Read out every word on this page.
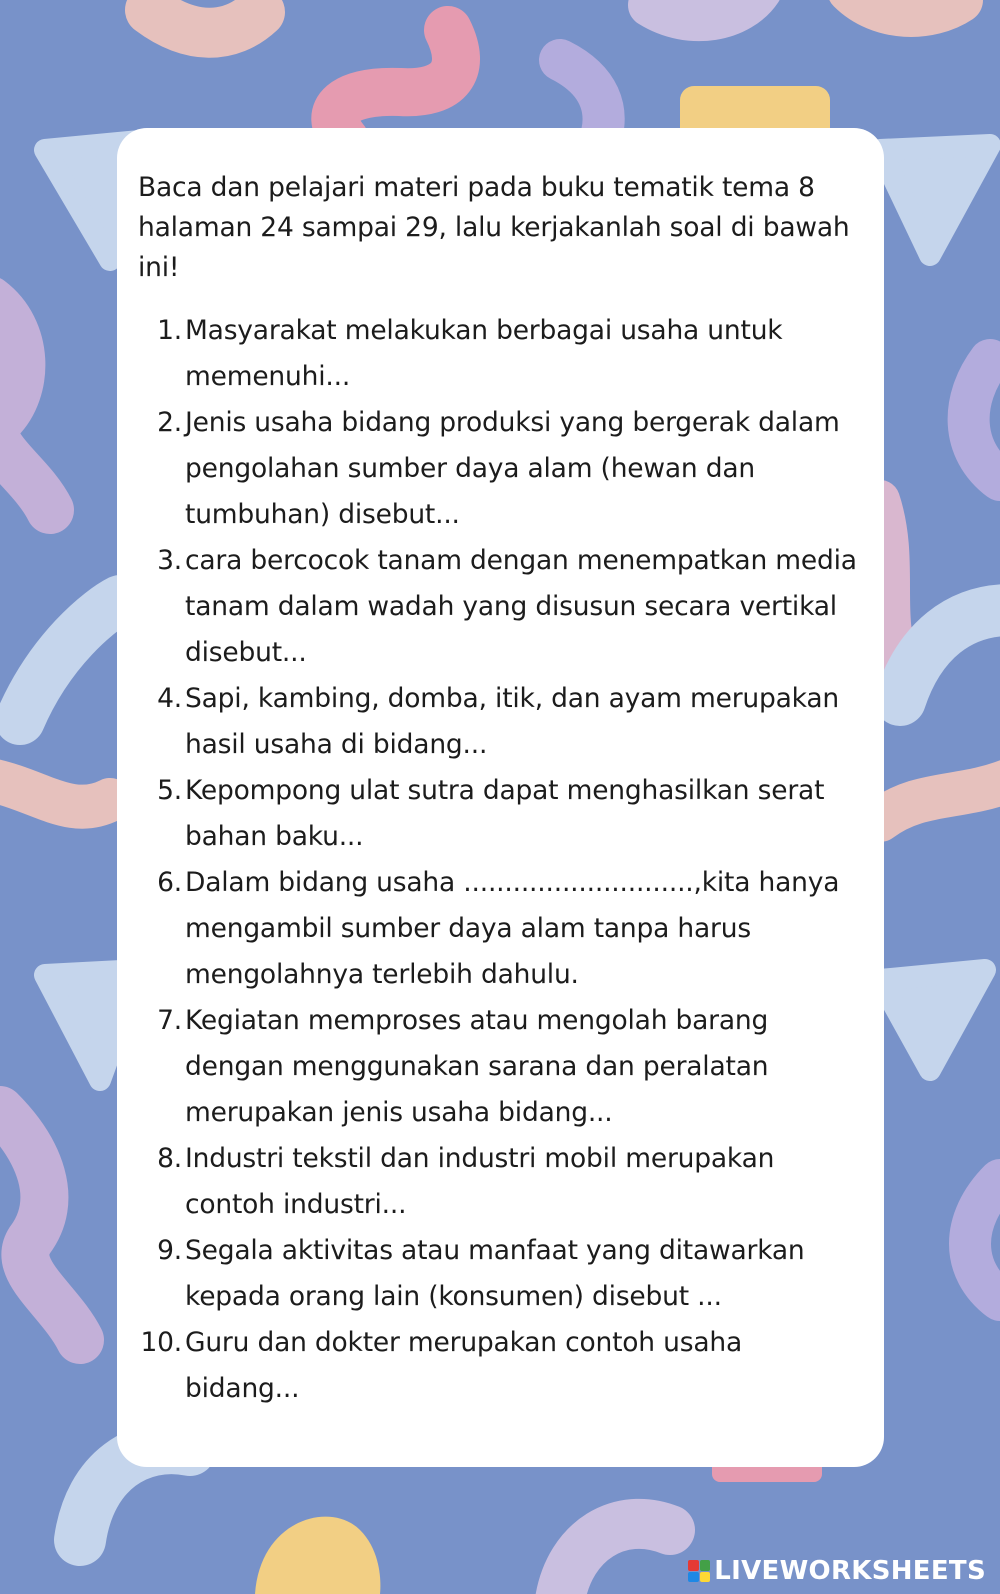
Baca dan pelajari materi pada buku tematik tema 8 halaman 24 sampai 29, lalu kerjakanlah soal di bawah ini!

1. Masyarakat melakukan berbagai usaha untuk memenuhi...
2. Jenis usaha bidang produksi yang bergerak dalam pengolahan sumber daya alam (hewan dan tumbuhan) disebut...
3. cara bercocok tanam dengan menempatkan media tanam dalam wadah yang disusun secara vertikal disebut...
4. Sapi, kambing, domba, itik, dan ayam merupakan hasil usaha di bidang...
5. Kepompong ulat sutra dapat menghasilkan serat bahan baku...
6. Dalam bidang usaha ............................,kita hanya mengambil sumber daya alam tanpa harus mengolahnya terlebih dahulu.
7. Kegiatan memproses atau mengolah barang dengan menggunakan sarana dan peralatan merupakan jenis usaha bidang...
8. Industri tekstil dan industri mobil merupakan contoh industri...
9. Segala aktivitas atau manfaat yang ditawarkan kepada orang lain (konsumen) disebut ...
10. Guru dan dokter merupakan contoh usaha bidang...
LIVEWORKSHEETS
